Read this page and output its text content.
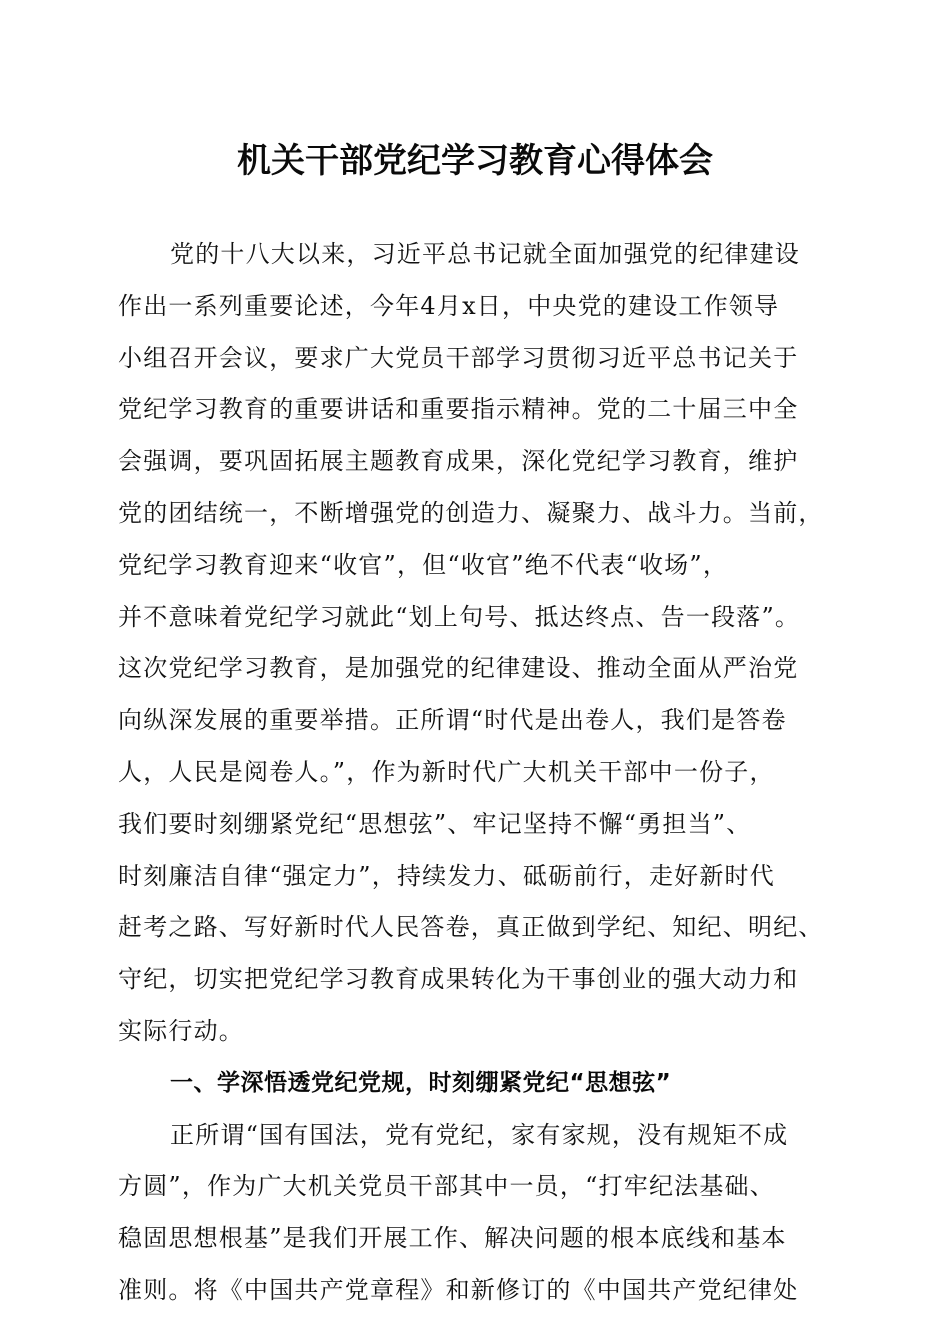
机关干部党纪学习教育心得体会
党的十八大以来，习近平总书记就全面加强党的纪律建设
作出一系列重要论述，今年4月x日，中央党的建设工作领导
小组召开会议，要求广大党员干部学习贯彻习近平总书记关于
党纪学习教育的重要讲话和重要指示精神。党的二十届三中全
会强调，要巩固拓展主题教育成果，深化党纪学习教育，维护
党的团结统一，不断增强党的创造力、凝聚力、战斗力。当前，
党纪学习教育迎来“收官”，但“收官”绝不代表“收场”，
并不意味着党纪学习就此“划上句号、抵达终点、告一段落”。
这次党纪学习教育，是加强党的纪律建设、推动全面从严治党
向纵深发展的重要举措。正所谓“时代是出卷人，我们是答卷
人，人民是阅卷人。”，作为新时代广大机关干部中一份子，
我们要时刻绷紧党纪“思想弦”、牢记坚持不懈“勇担当”、
时刻廉洁自律“强定力”，持续发力、砥砺前行，走好新时代
赶考之路、写好新时代人民答卷，真正做到学纪、知纪、明纪、
守纪，切实把党纪学习教育成果转化为干事创业的强大动力和
实际行动。
一、学深悟透党纪党规，时刻绷紧党纪“思想弦”
正所谓“国有国法，党有党纪，家有家规，没有规矩不成
方圆”，作为广大机关党员干部其中一员，“打牢纪法基础、
稳固思想根基”是我们开展工作、解决问题的根本底线和基本
准则。将《中国共产党章程》和新修订的《中国共产党纪律处
